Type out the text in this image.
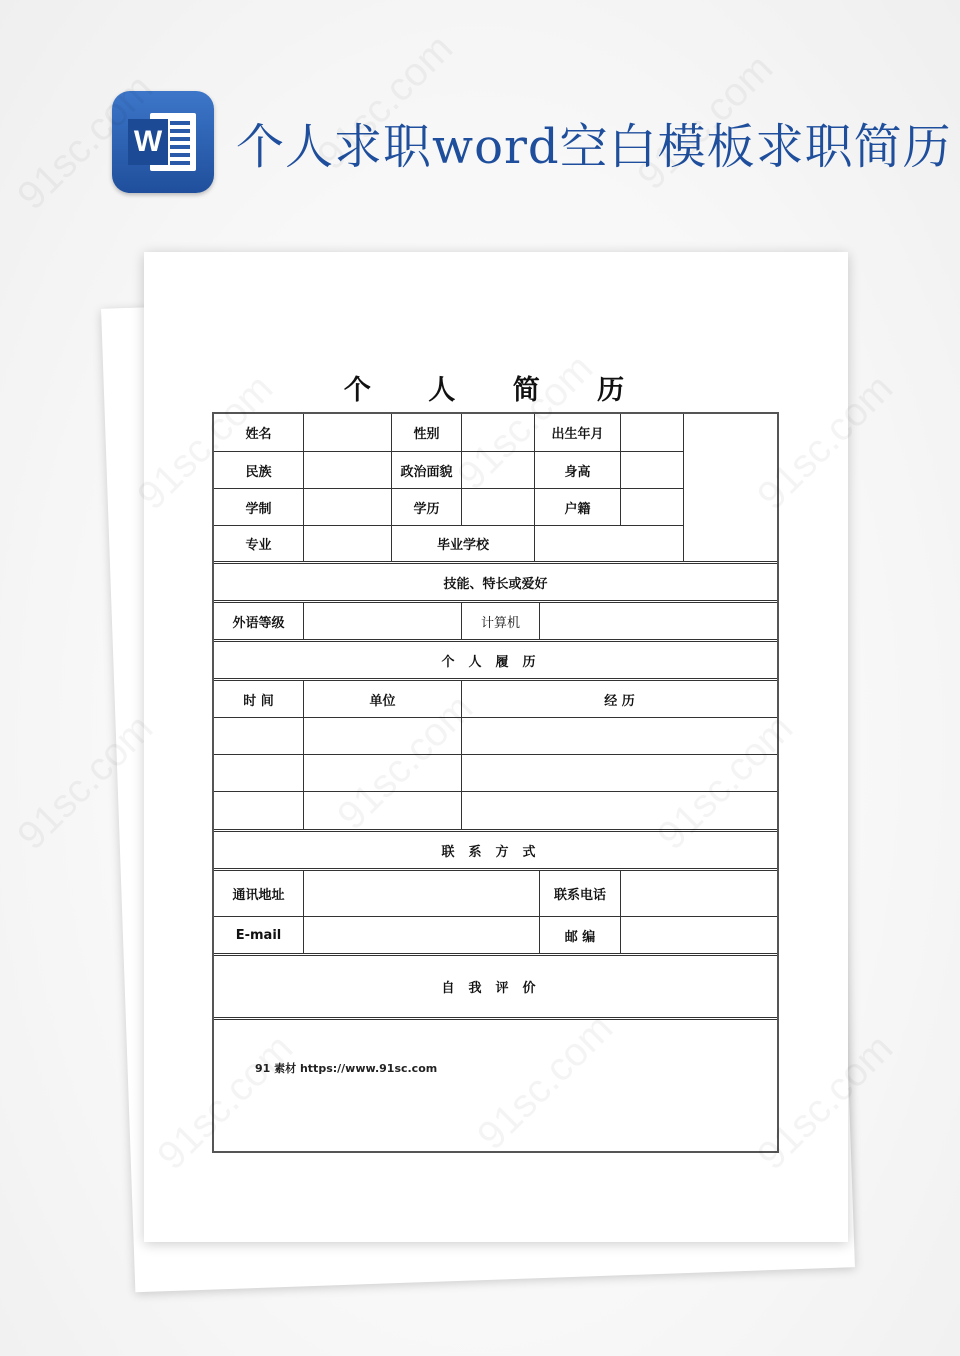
W 个人求职word空白模板求职简历
个 人 简 历
姓名	性别	出生年月
民族	政治面貌	身高
学制	学历	户籍
专业	毕业学校
技能、特长或爱好
外语等级	计算机
个人履历
时 间	单位	经 历
联系方式
通讯地址	联系电话
E-mail	邮 编
自我评价
91 素材 https://www.91sc.com
